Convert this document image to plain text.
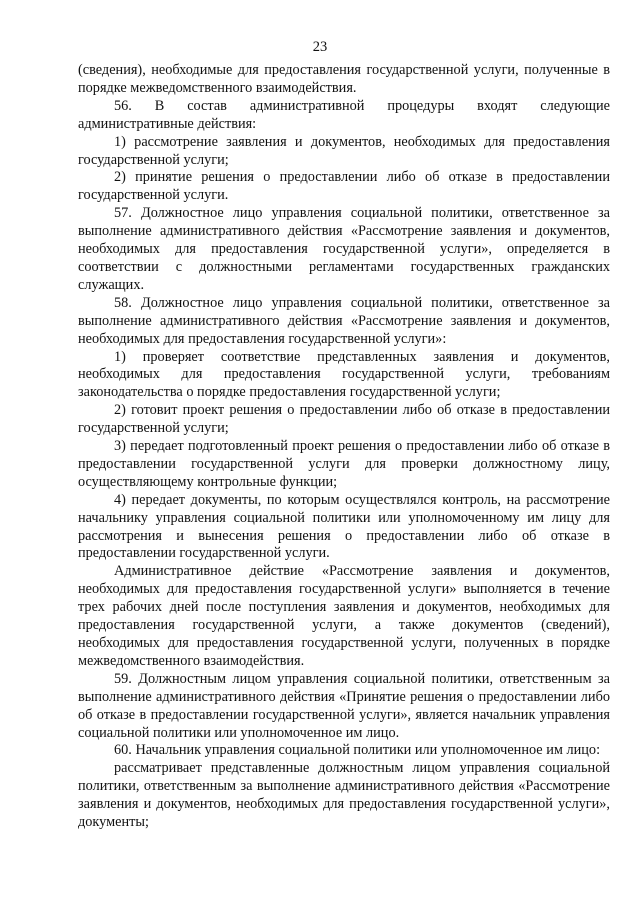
23

(сведения), необходимые для предоставления государственной услуги, полученные в порядке межведомственного взаимодействия.

56. В состав административной процедуры входят следующие административные действия:

1) рассмотрение заявления и документов, необходимых для предоставления государственной услуги;

2) принятие решения о предоставлении либо об отказе в предоставлении государственной услуги.

57. Должностное лицо управления социальной политики, ответственное за выполнение административного действия «Рассмотрение заявления и документов, необходимых для предоставления государственной услуги», определяется в соответствии с должностными регламентами государственных гражданских служащих.

58. Должностное лицо управления социальной политики, ответственное за выполнение административного действия «Рассмотрение заявления и документов, необходимых для предоставления государственной услуги»:

1) проверяет соответствие представленных заявления и документов, необходимых для предоставления государственной услуги, требованиям законодательства о порядке предоставления государственной услуги;

2) готовит проект решения о предоставлении либо об отказе в предоставлении государственной услуги;

3) передает подготовленный проект решения о предоставлении либо об отказе в предоставлении государственной услуги для проверки должностному лицу, осуществляющему контрольные функции;

4) передает документы, по которым осуществлялся контроль, на рассмотрение начальнику управления социальной политики или уполномоченному им лицу для рассмотрения и вынесения решения о предоставлении либо об отказе в предоставлении государственной услуги.

Административное действие «Рассмотрение заявления и документов, необходимых для предоставления государственной услуги» выполняется в течение трех рабочих дней после поступления заявления и документов, необходимых для предоставления государственной услуги, а также документов (сведений), необходимых для предоставления государственной услуги, полученных в порядке межведомственного взаимодействия.

59. Должностным лицом управления социальной политики, ответственным за выполнение административного действия «Принятие решения о предоставлении либо об отказе в предоставлении государственной услуги», является начальник управления социальной политики или уполномоченное им лицо.

60. Начальник управления социальной политики или уполномоченное им лицо:

рассматривает представленные должностным лицом управления социальной политики, ответственным за выполнение административного действия «Рассмотрение заявления и документов, необходимых для предоставления государственной услуги», документы;
